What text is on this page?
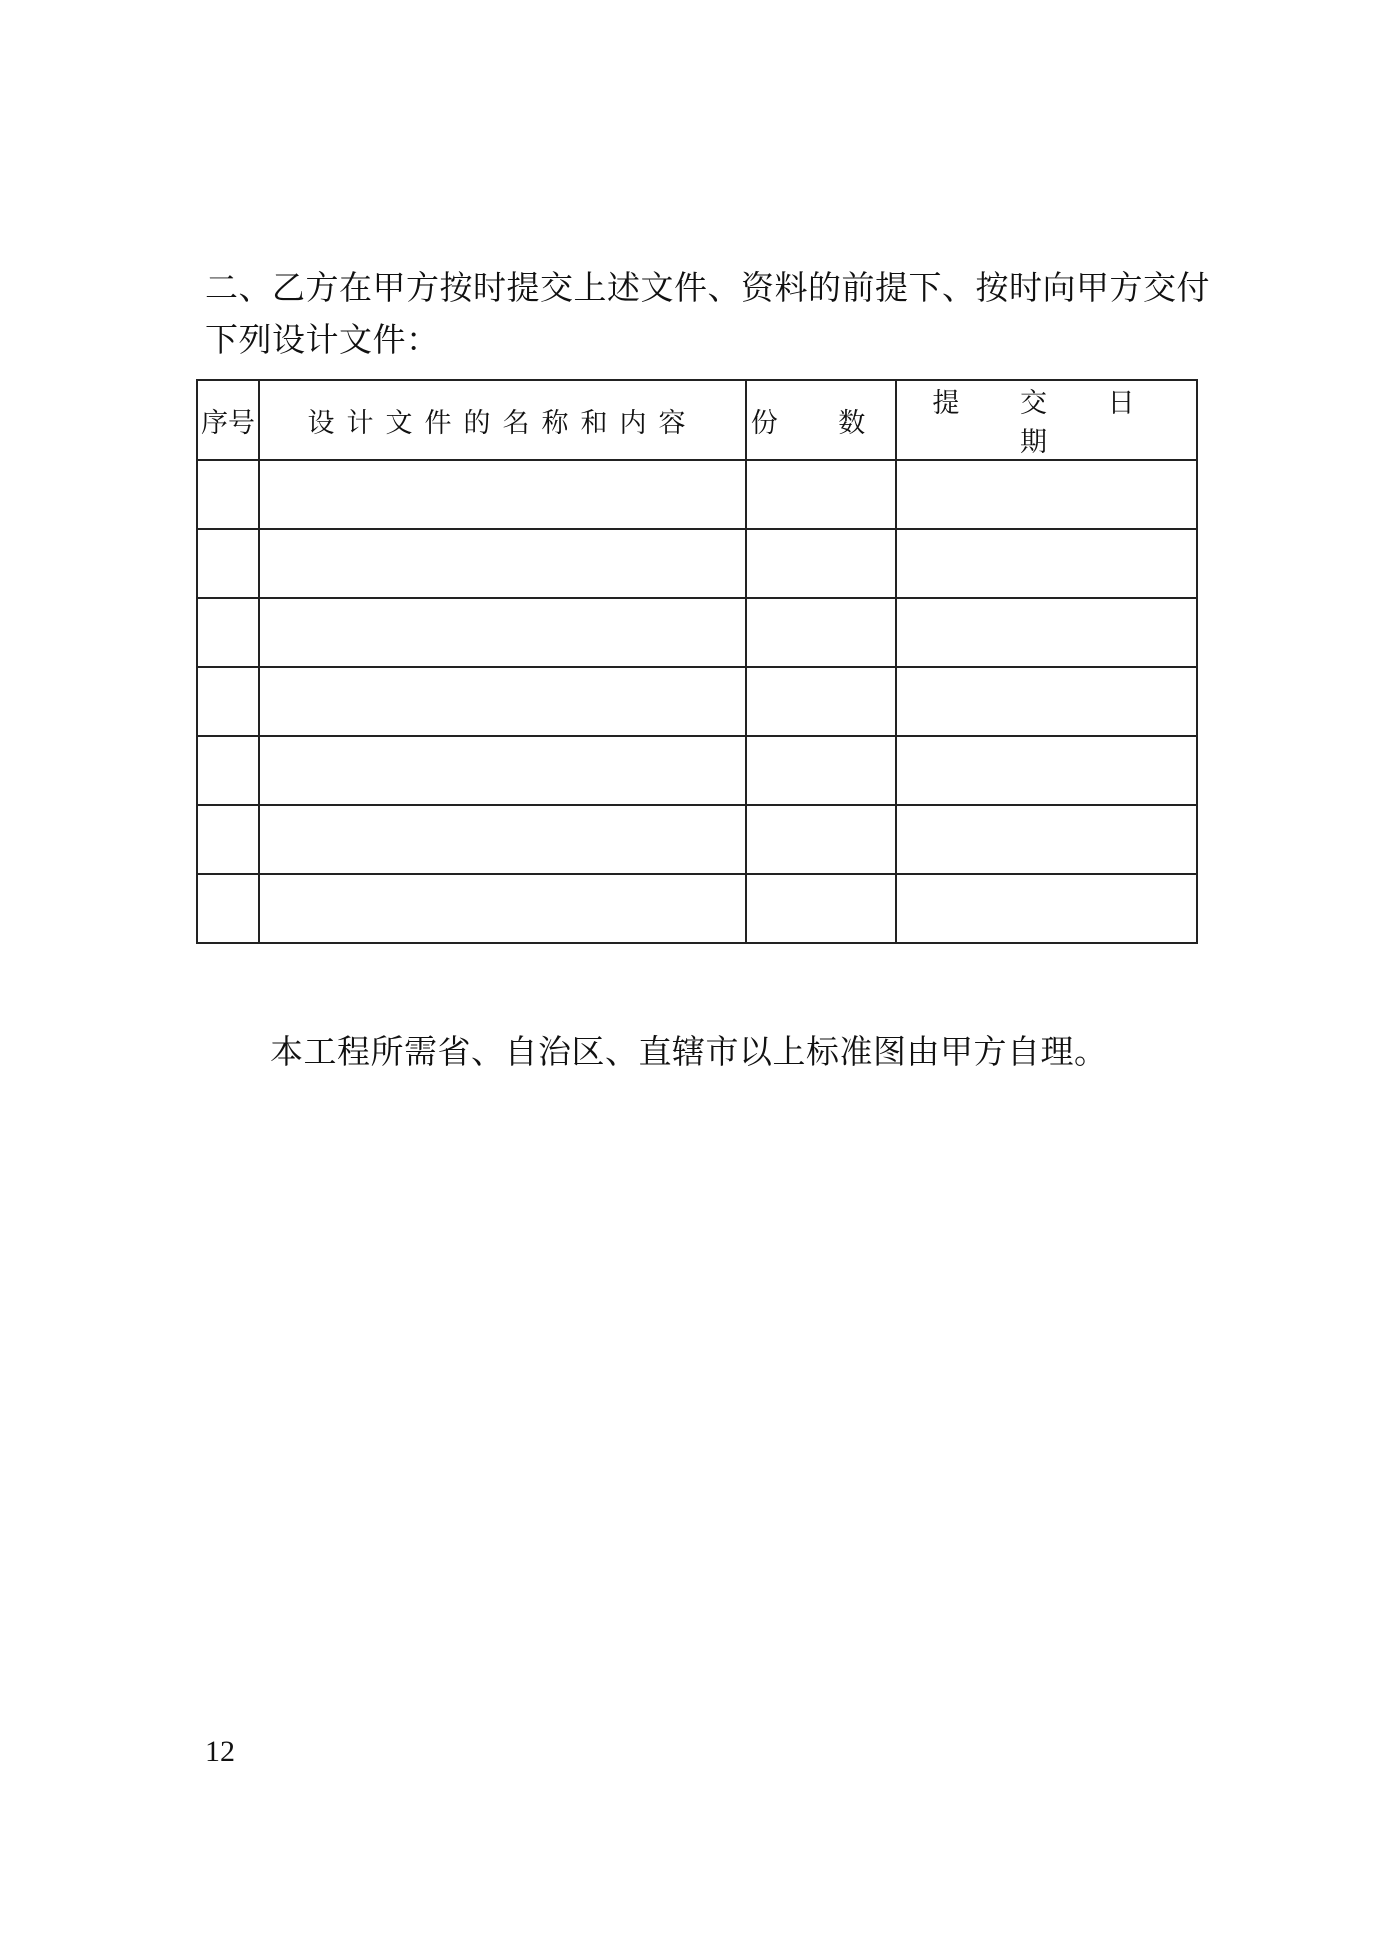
二、乙方在甲方按时提交上述文件、资料的前提下、按时向甲方交付
下列设计文件：
序号	设计文件的名称和内容	份 数	提 交 日 期

本工程所需省、自治区、直辖市以上标准图由甲方自理。
12
